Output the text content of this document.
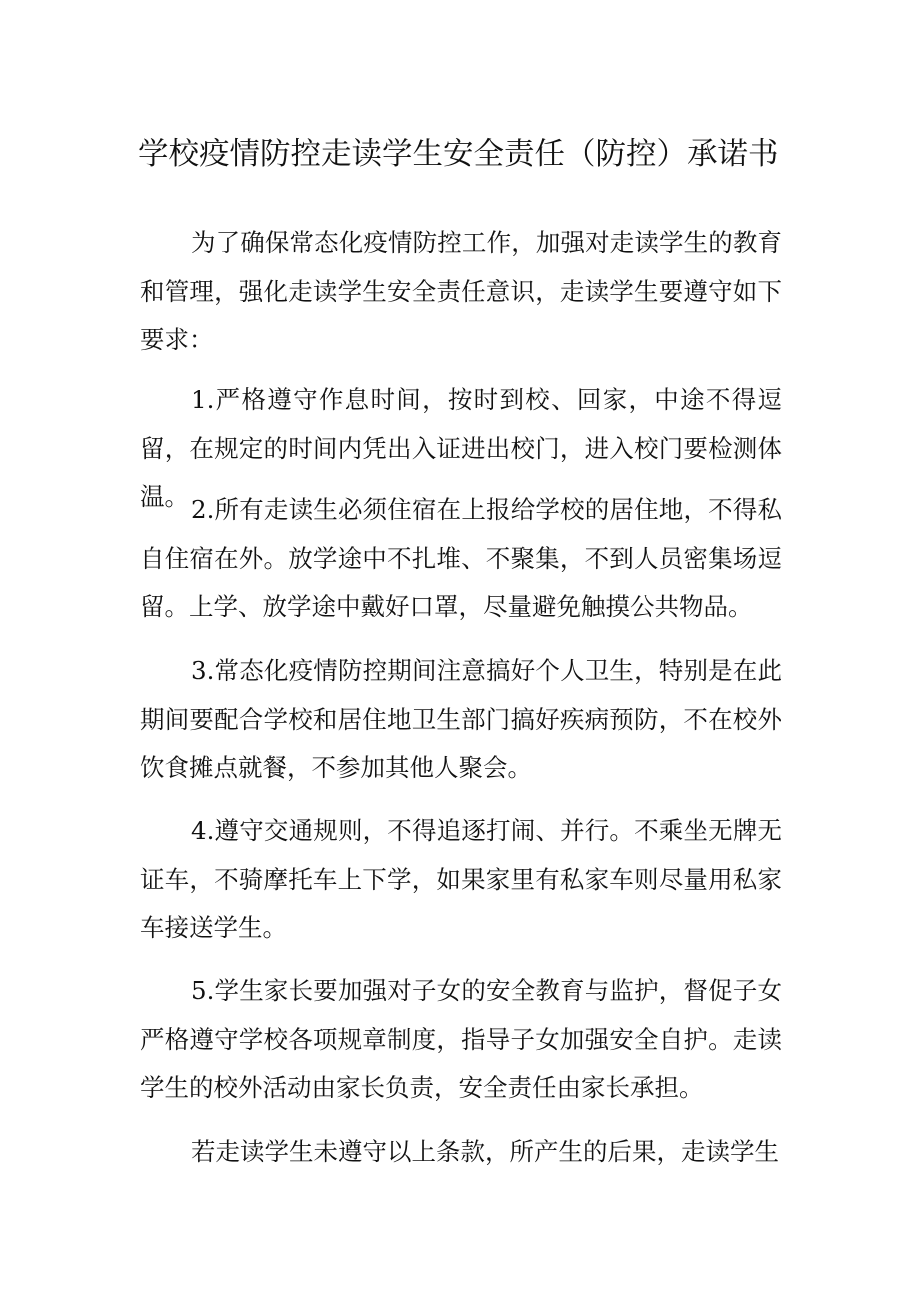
学校疫情防控走读学生安全责任（防控）承诺书

为了确保常态化疫情防控工作，加强对走读学生的教育和管理，强化走读学生安全责任意识，走读学生要遵守如下要求：

1.严格遵守作息时间，按时到校、回家，中途不得逗留，在规定的时间内凭出入证进出校门，进入校门要检测体温。 2.所有走读生必须住宿在上报给学校的居住地，不得私自住宿在外。放学途中不扎堆、不聚集，不到人员密集场逗留。上学、放学途中戴好口罩，尽量避免触摸公共物品。

3.常态化疫情防控期间注意搞好个人卫生，特别是在此期间要配合学校和居住地卫生部门搞好疾病预防，不在校外饮食摊点就餐，不参加其他人聚会。

4.遵守交通规则，不得追逐打闹、并行。不乘坐无牌无证车，不骑摩托车上下学，如果家里有私家车则尽量用私家车接送学生。

5.学生家长要加强对子女的安全教育与监护，督促子女严格遵守学校各项规章制度，指导子女加强安全自护。走读学生的校外活动由家长负责，安全责任由家长承担。

若走读学生未遵守以上条款，所产生的后果，走读学生
